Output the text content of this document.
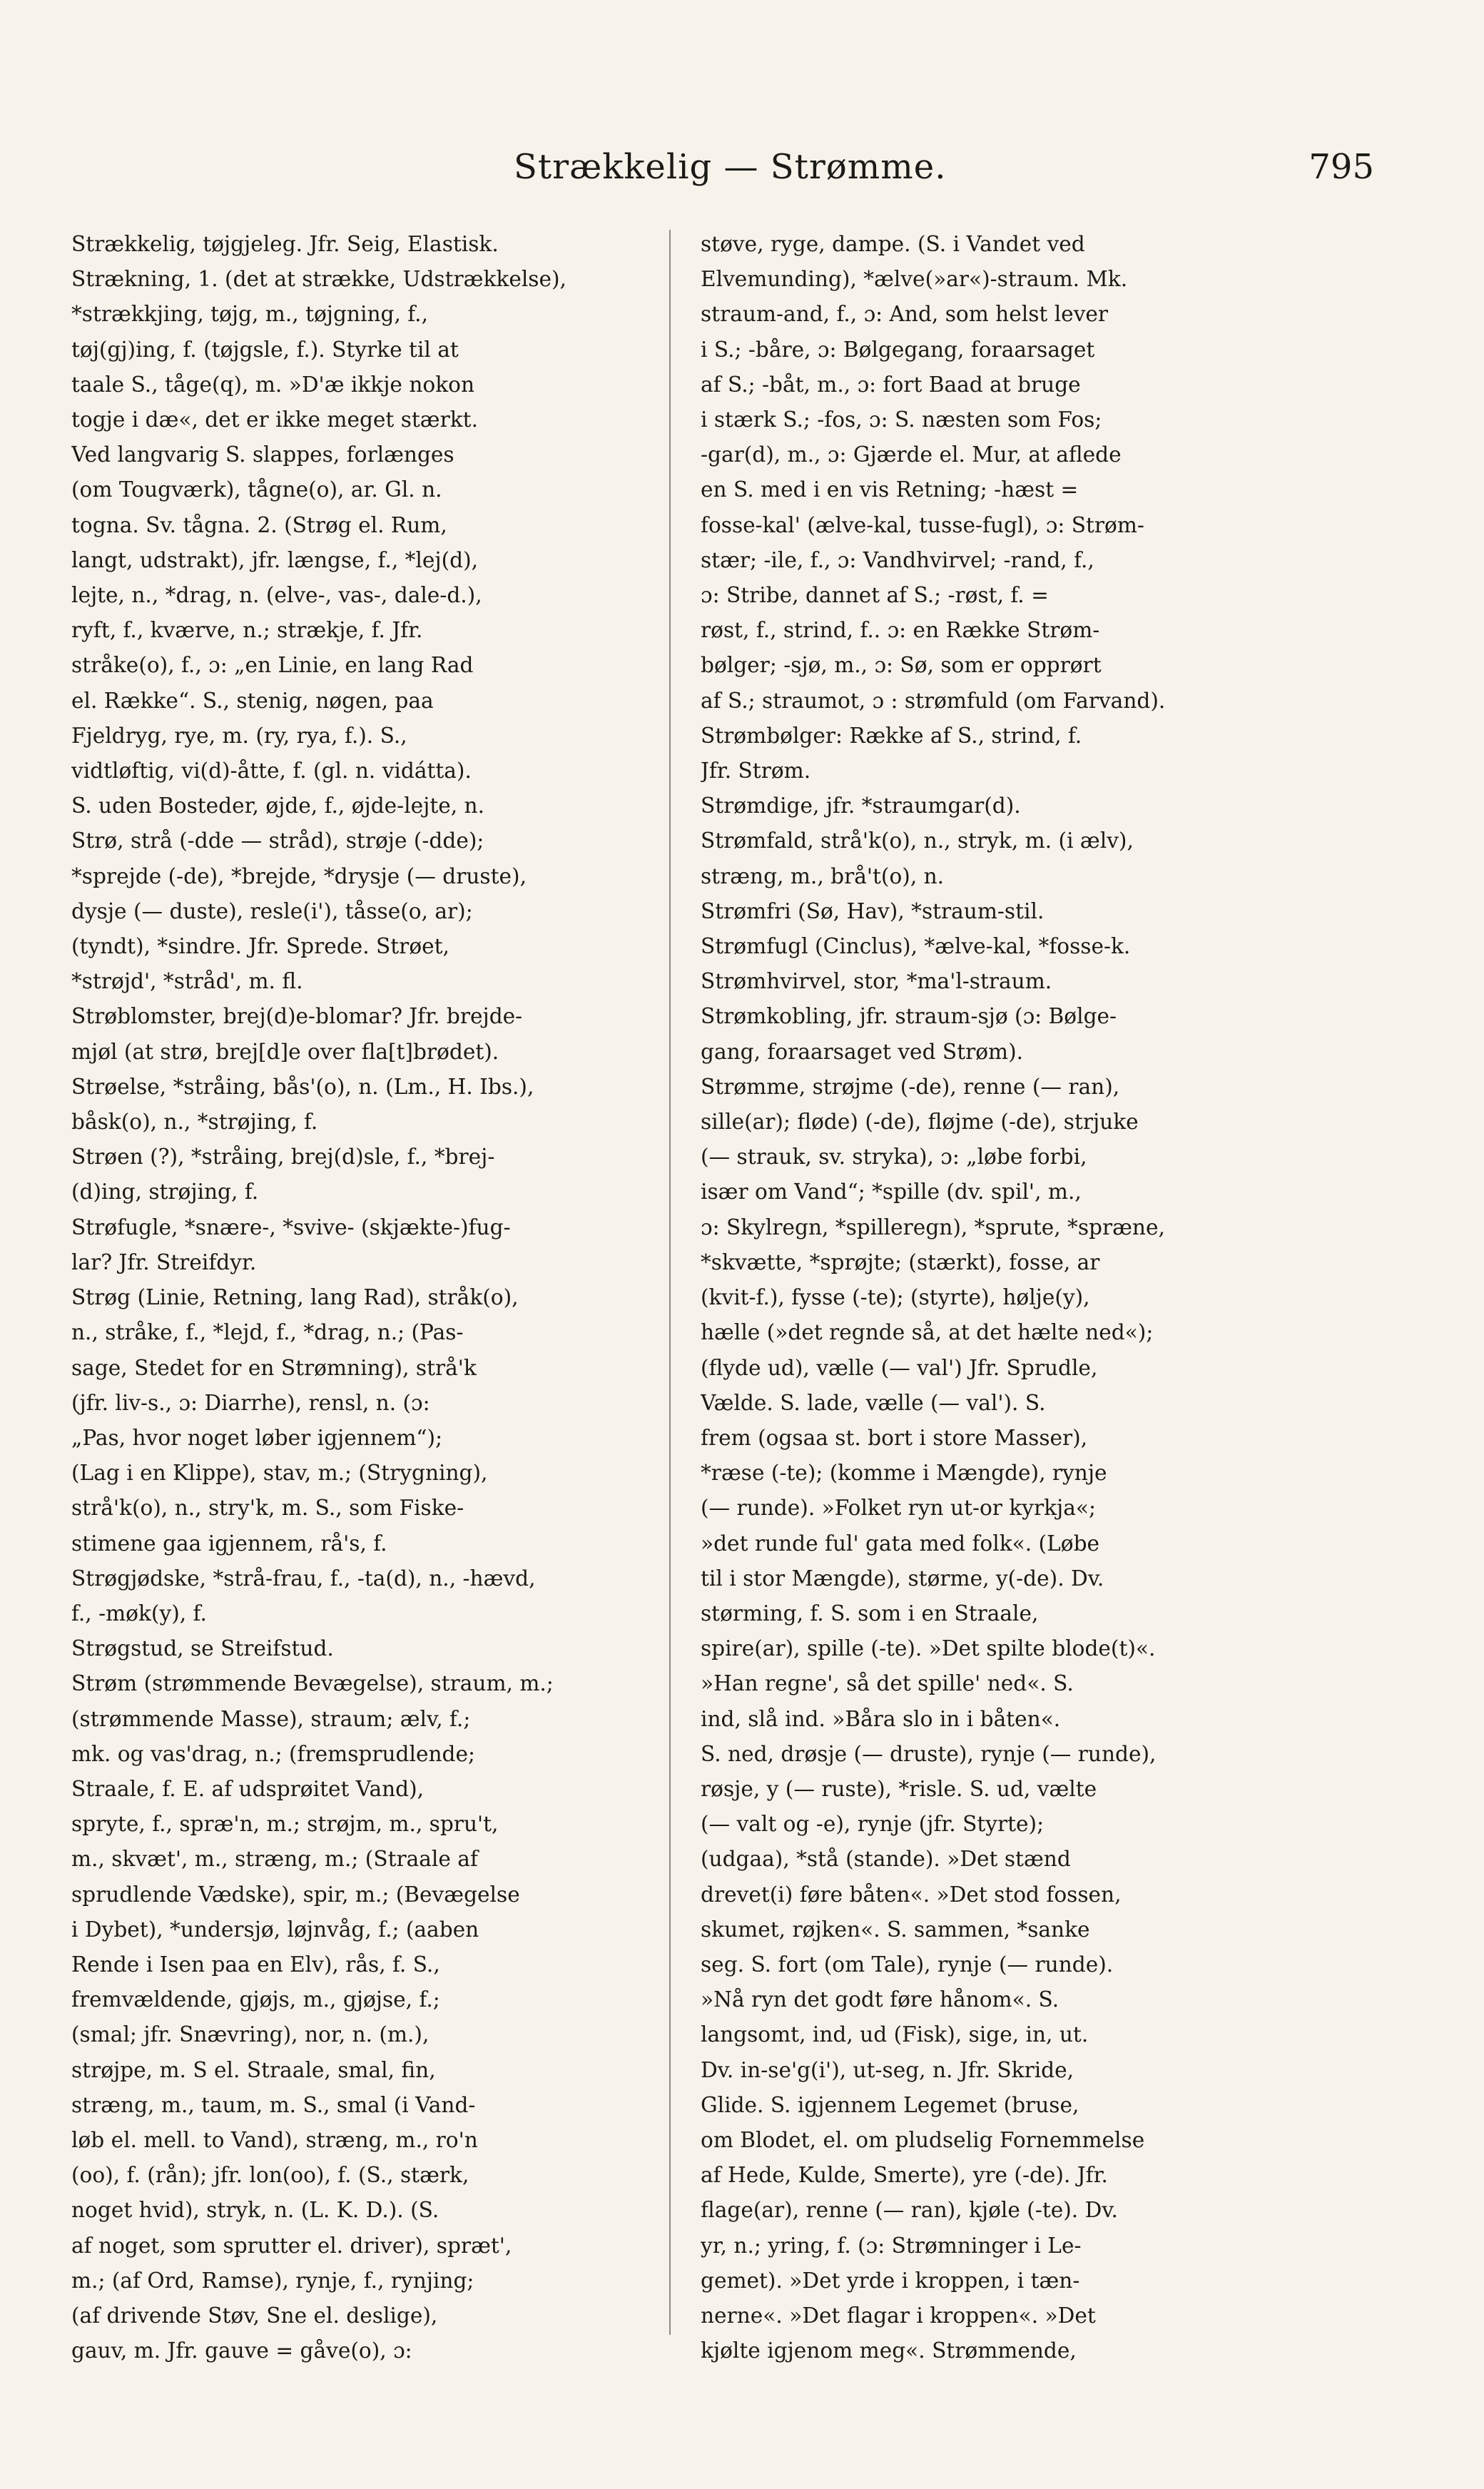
Strækkelig — Strømme.	795
Strækkelig, tøjgjeleg. Jfr. Seig, Elastisk.
Strækning, 1. (det at strække, Udstrækkelse),
*strækkjing, tøjg, m., tøjgning, f.,
tøj(gj)ing, f. (tøjgsle, f.). Styrke til at
taale S., tåge(q), m. »D'æ ikkje nokon
togje i dæ«, det er ikke meget stærkt.
Ved langvarig S. slappes, forlænges
(om Tougværk), tågne(o), ar. Gl. n.
togna. Sv. tågna. 2. (Strøg el. Rum,
langt, udstrakt), jfr. længse, f., *lej(d),
lejte, n., *drag, n. (elve-, vas-, dale-d.),
ryft, f., kværve, n.; strækje, f. Jfr.
stråke(o), f., ɔ: „en Linie, en lang Rad
el. Række“. S., stenig, nøgen, paa
Fjeldryg, rye, m. (ry, rya, f.). S.,
vidtløftig, vi(d)-åtte, f. (gl. n. vidátta).
S. uden Bosteder, øjde, f., øjde-lejte, n.
Strø, strå (-dde — stråd), strøje (-dde);
*sprejde (-de), *brejde, *drysje (— druste),
dysje (— duste), resle(i'), tåsse(o, ar);
(tyndt), *sindre. Jfr. Sprede. Strøet,
*strøjd', *stråd', m. fl.
Strøblomster, brej(d)e-blomar? Jfr. brejde-
mjøl (at strø, brej[d]e over fla[t]brødet).
Strøelse, *stråing, bås'(o), n. (Lm., H. Ibs.),
båsk(o), n., *strøjing, f.
Strøen (?), *stråing, brej(d)sle, f., *brej-
(d)ing, strøjing, f.
Strøfugle, *snære-, *svive- (skjækte-)fug-
lar? Jfr. Streifdyr.
Strøg (Linie, Retning, lang Rad), stråk(o),
n., stråke, f., *lejd, f., *drag, n.; (Pas-
sage, Stedet for en Strømning), strå'k
(jfr. liv-s., ɔ: Diarrhe), rensl, n. (ɔ:
„Pas, hvor noget løber igjennem“);
(Lag i en Klippe), stav, m.; (Strygning),
strå'k(o), n., stry'k, m. S., som Fiske-
stimene gaa igjennem, rå's, f.
Strøgjødske, *strå-frau, f., -ta(d), n., -hævd,
f., -møk(y), f.
Strøgstud, se Streifstud.
Strøm (strømmende Bevægelse), straum, m.;
(strømmende Masse), straum; ælv, f.;
mk. og vas'drag, n.; (fremsprudlende;
Straale, f. E. af udsprøitet Vand),
spryte, f., spræ'n, m.; strøjm, m., spru't,
m., skvæt', m., stræng, m.; (Straale af
sprudlende Vædske), spir, m.; (Bevægelse
i Dybet), *undersjø, løjnvåg, f.; (aaben
Rende i Isen paa en Elv), rås, f. S.,
fremvældende, gjøjs, m., gjøjse, f.;
(smal; jfr. Snævring), nor, n. (m.),
strøjpe, m. S el. Straale, smal, fin,
stræng, m., taum, m. S., smal (i Vand-
løb el. mell. to Vand), stræng, m., ro'n
(oo), f. (rån); jfr. lon(oo), f. (S., stærk,
noget hvid), stryk, n. (L. K. D.). (S.
af noget, som sprutter el. driver), spræt',
m.; (af Ord, Ramse), rynje, f., rynjing;
(af drivende Støv, Sne el. deslige),
gauv, m. Jfr. gauve = gåve(o), ɔ:
støve, ryge, dampe. (S. i Vandet ved
Elvemunding), *ælve(»ar«)-straum. Mk.
straum-and, f., ɔ: And, som helst lever
i S.; -båre, ɔ: Bølgegang, foraarsaget
af S.; -båt, m., ɔ: fort Baad at bruge
i stærk S.; -fos, ɔ: S. næsten som Fos;
-gar(d), m., ɔ: Gjærde el. Mur, at aflede
en S. med i en vis Retning; -hæst =
fosse-kal' (ælve-kal, tusse-fugl), ɔ: Strøm-
stær; -ile, f., ɔ: Vandhvirvel; -rand, f.,
ɔ: Stribe, dannet af S.; -røst, f. =
røst, f., strind, f.. ɔ: en Række Strøm-
bølger; -sjø, m., ɔ: Sø, som er opprørt
af S.; straumot, ɔ : strømfuld (om Farvand).
Strømbølger: Række af S., strind, f.
Jfr. Strøm.
Strømdige, jfr. *straumgar(d).
Strømfald, strå'k(o), n., stryk, m. (i ælv),
stræng, m., brå't(o), n.
Strømfri (Sø, Hav), *straum-stil.
Strømfugl (Cinclus), *ælve-kal, *fosse-k.
Strømhvirvel, stor, *ma'l-straum.
Strømkobling, jfr. straum-sjø (ɔ: Bølge-
gang, foraarsaget ved Strøm).
Strømme, strøjme (-de), renne (— ran),
sille(ar); fløde) (-de), fløjme (-de), strjuke
(— strauk, sv. stryka), ɔ: „løbe forbi,
især om Vand“; *spille (dv. spil', m.,
ɔ: Skylregn, *spilleregn), *sprute, *spræne,
*skvætte, *sprøjte; (stærkt), fosse, ar
(kvit-f.), fysse (-te); (styrte), hølje(y),
hælle (»det regnde så, at det hælte ned«);
(flyde ud), vælle (— val') Jfr. Sprudle,
Vælde. S. lade, vælle (— val'). S.
frem (ogsaa st. bort i store Masser),
*ræse (-te); (komme i Mængde), rynje
(— runde). »Folket ryn ut-or kyrkja«;
»det runde ful' gata med folk«. (Løbe
til i stor Mængde), størme, y(-de). Dv.
størming, f. S. som i en Straale,
spire(ar), spille (-te). »Det spilte blode(t)«.
»Han regne', så det spille' ned«. S.
ind, slå ind. »Båra slo in i båten«.
S. ned, drøsje (— druste), rynje (— runde),
røsje, y (— ruste), *risle. S. ud, vælte
(— valt og -e), rynje (jfr. Styrte);
(udgaa), *stå (stande). »Det stænd
drevet(i) føre båten«. »Det stod fossen,
skumet, røjken«. S. sammen, *sanke
seg. S. fort (om Tale), rynje (— runde).
»Nå ryn det godt føre hånom«. S.
langsomt, ind, ud (Fisk), sige, in, ut.
Dv. in-se'g(i'), ut-seg, n. Jfr. Skride,
Glide. S. igjennem Legemet (bruse,
om Blodet, el. om pludselig Fornemmelse
af Hede, Kulde, Smerte), yre (-de). Jfr.
flage(ar), renne (— ran), kjøle (-te). Dv.
yr, n.; yring, f. (ɔ: Strømninger i Le-
gemet). »Det yrde i kroppen, i tæn-
nerne«. »Det flagar i kroppen«. »Det
kjølte igjenom meg«. Strømmende,
